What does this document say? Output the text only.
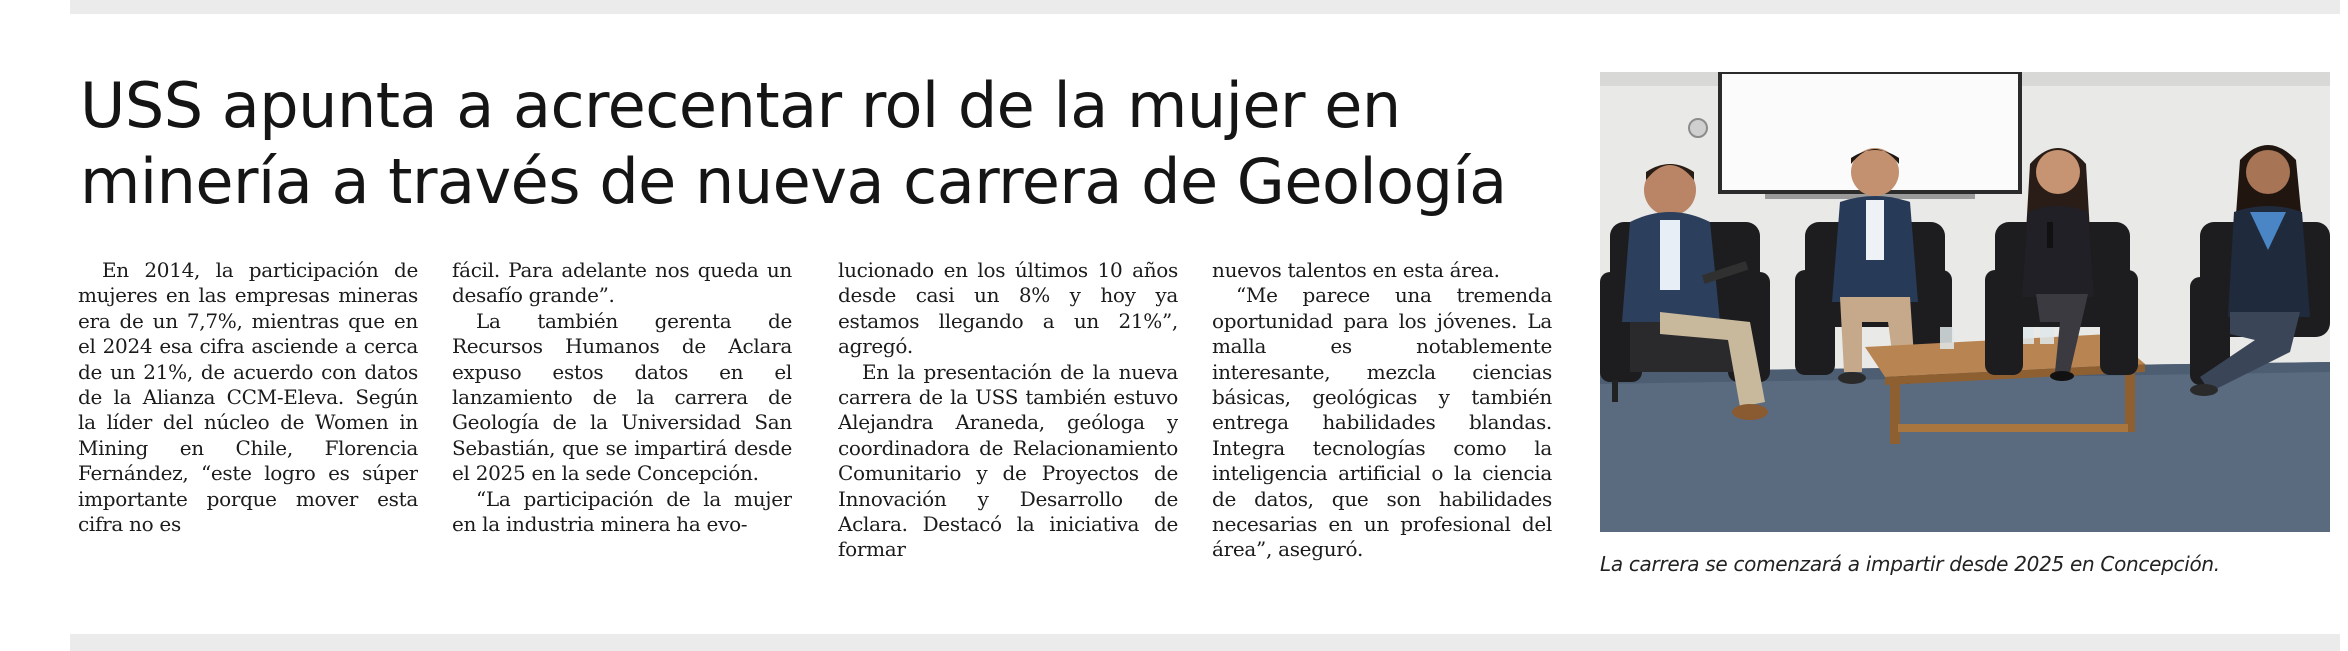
USS apunta a acrecentar rol de la mujer en
minería a través de nueva carrera de Geología

En 2014, la participación de mujeres en las empresas mineras era de un 7,7%, mientras que en el 2024 esa cifra asciende a cerca de un 21%, de acuerdo con datos de la Alianza CCM-Eleva. Según la líder del núcleo de Women in Mining en Chile, Florencia Fernández, “este logro es súper importante porque mover esta cifra no es

fácil. Para adelante nos queda un desafío grande”.

La también gerenta de Recursos Humanos de Aclara expuso estos datos en el lanzamiento de la carrera de Geología de la Universidad San Sebastián, que se impartirá desde el 2025 en la sede Concepción.

“La participación de la mujer en la industria minera ha evo-

lucionado en los últimos 10 años desde casi un 8% y hoy ya estamos llegando a un 21%”, agregó.

En la presentación de la nueva carrera de la USS también estuvo Alejandra Araneda, geóloga y coordinadora de Relacionamiento Comunitario y de Proyectos de Innovación y Desarrollo de Aclara. Destacó la iniciativa de formar

nuevos talentos en esta área.

“Me parece una tremenda oportunidad para los jóvenes. La malla es notablemente interesante, mezcla ciencias básicas, geológicas y también entrega habilidades blandas. Integra tecnologías como la inteligencia artificial o la ciencia de datos, que son habilidades necesarias en un profesional del área”, aseguró.

La carrera se comenzará a impartir desde 2025 en Concepción.
